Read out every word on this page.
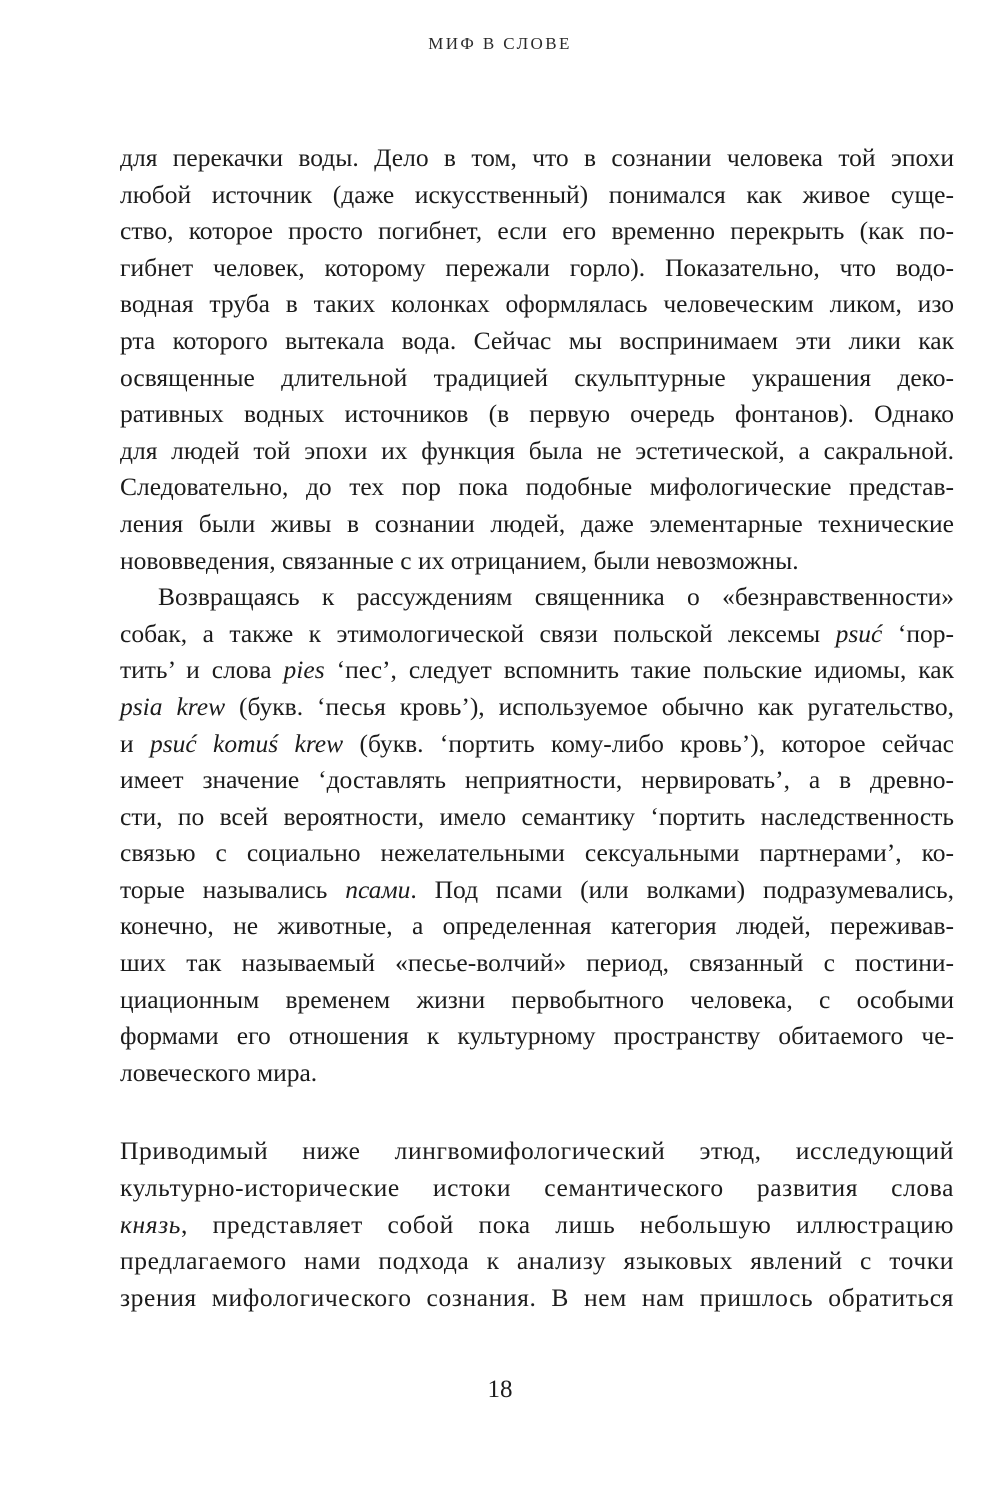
МИФ В СЛОВЕ

для перекачки воды. Дело в том, что в сознании человека той эпохи
любой источник (даже искусственный) понимался как живое суще-
ство, которое просто погибнет, если его временно перекрыть (как по-
гибнет человек, которому пережали горло). Показательно, что водо-
водная труба в таких колонках оформлялась человеческим ликом, изо
рта которого вытекала вода. Сейчас мы воспринимаем эти лики как
освященные длительной традицией скульптурные украшения деко-
ративных водных источников (в первую очередь фонтанов). Однако
для людей той эпохи их функция была не эстетической, а сакральной.
Следовательно, до тех пор пока подобные мифологические представ-
ления были живы в сознании людей, даже элементарные технические
нововведения, связанные с их отрицанием, были невозможны.

Возвращаясь к рассуждениям священника о «безнравственности»
собак, а также к этимологической связи польской лексемы psuć ‘пор-
тить’ и слова pies ‘пес’, следует вспомнить такие польские идиомы, как
psia krew (букв. ‘песья кровь’), используемое обычно как ругательство,
и psuć komuś krew (букв. ‘портить кому-либо кровь’), которое сейчас
имеет значение ‘доставлять неприятности, нервировать’, а в древно-
сти, по всей вероятности, имело семантику ‘портить наследственность
связью с социально нежелательными сексуальными партнерами’, ко-
торые назывались псами. Под псами (или волками) подразумевались,
конечно, не животные, а определенная категория людей, переживав-
ших так называемый «песье-волчий» период, связанный с постини-
циационным временем жизни первобытного человека, с особыми
формами его отношения к культурному пространству обитаемого че-
ловеческого мира.

Приводимый ниже лингвомифологический этюд, исследующий
культурно-исторические истоки семантического развития слова
князь, представляет собой пока лишь небольшую иллюстрацию
предлагаемого нами подхода к анализу языковых явлений с точки
зрения мифологического сознания. В нем нам пришлось обратиться

18
